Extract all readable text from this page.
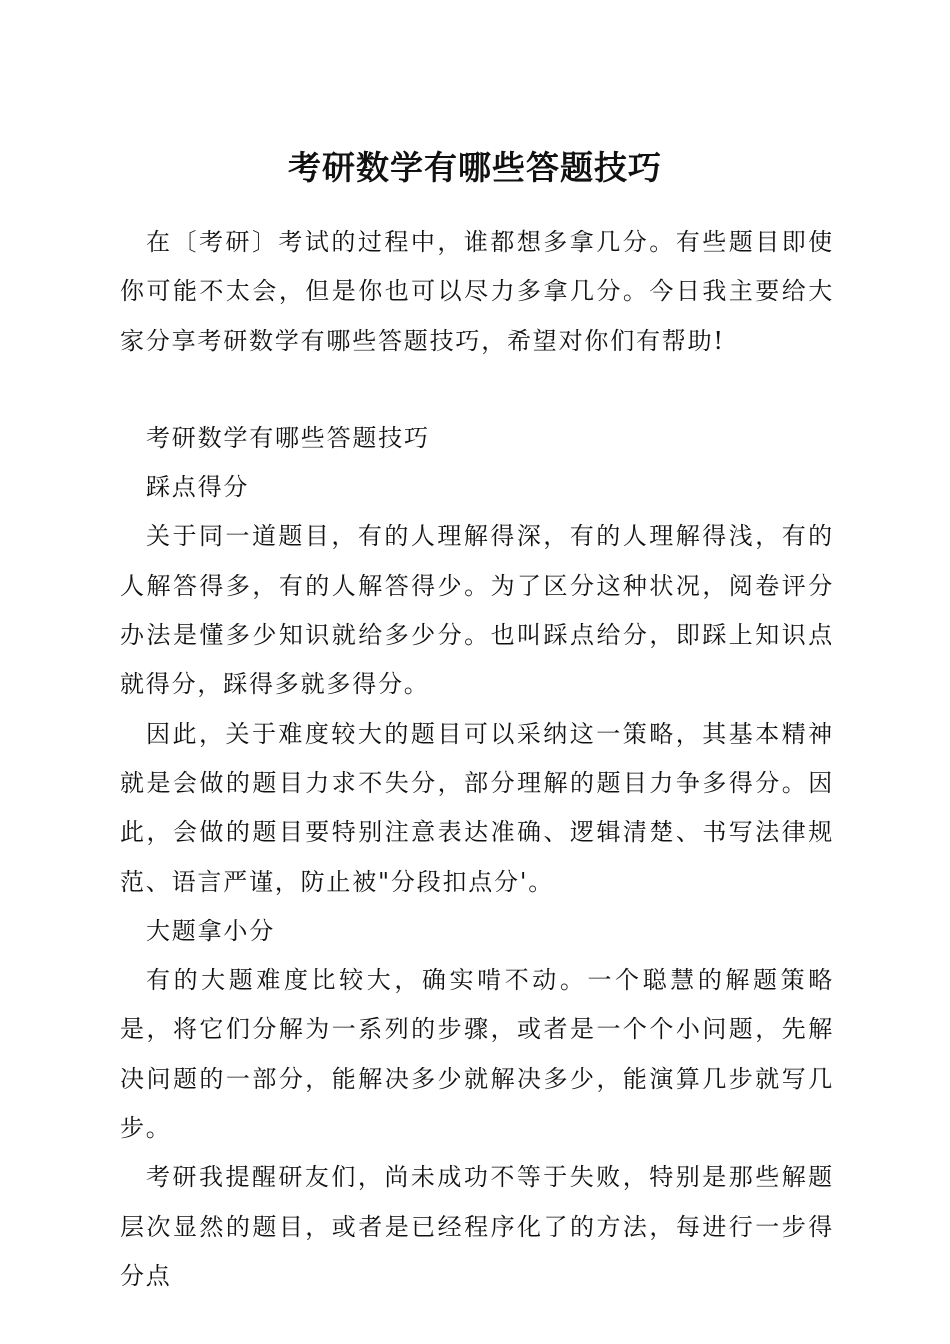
考研数学有哪些答题技巧

在〔考研〕考试的过程中，谁都想多拿几分。有些题目即使你可能不太会，但是你也可以尽力多拿几分。今日我主要给大家分享考研数学有哪些答题技巧，希望对你们有帮助!

考研数学有哪些答题技巧

踩点得分

关于同一道题目，有的人理解得深，有的人理解得浅，有的人解答得多，有的人解答得少。为了区分这种状况，阅卷评分办法是懂多少知识就给多少分。也叫踩点给分，即踩上知识点就得分，踩得多就多得分。

因此，关于难度较大的题目可以采纳这一策略，其基本精神就是会做的题目力求不失分，部分理解的题目力争多得分。因此，会做的题目要特别注意表达准确、逻辑清楚、书写法律规范、语言严谨，防止被"分段扣点分'。

大题拿小分

有的大题难度比较大，确实啃不动。一个聪慧的解题策略是，将它们分解为一系列的步骤，或者是一个个小问题，先解决问题的一部分，能解决多少就解决多少，能演算几步就写几步。

考研我提醒研友们，尚未成功不等于失败，特别是那些解题层次显然的题目，或者是已经程序化了的方法，每进行一步得分点
